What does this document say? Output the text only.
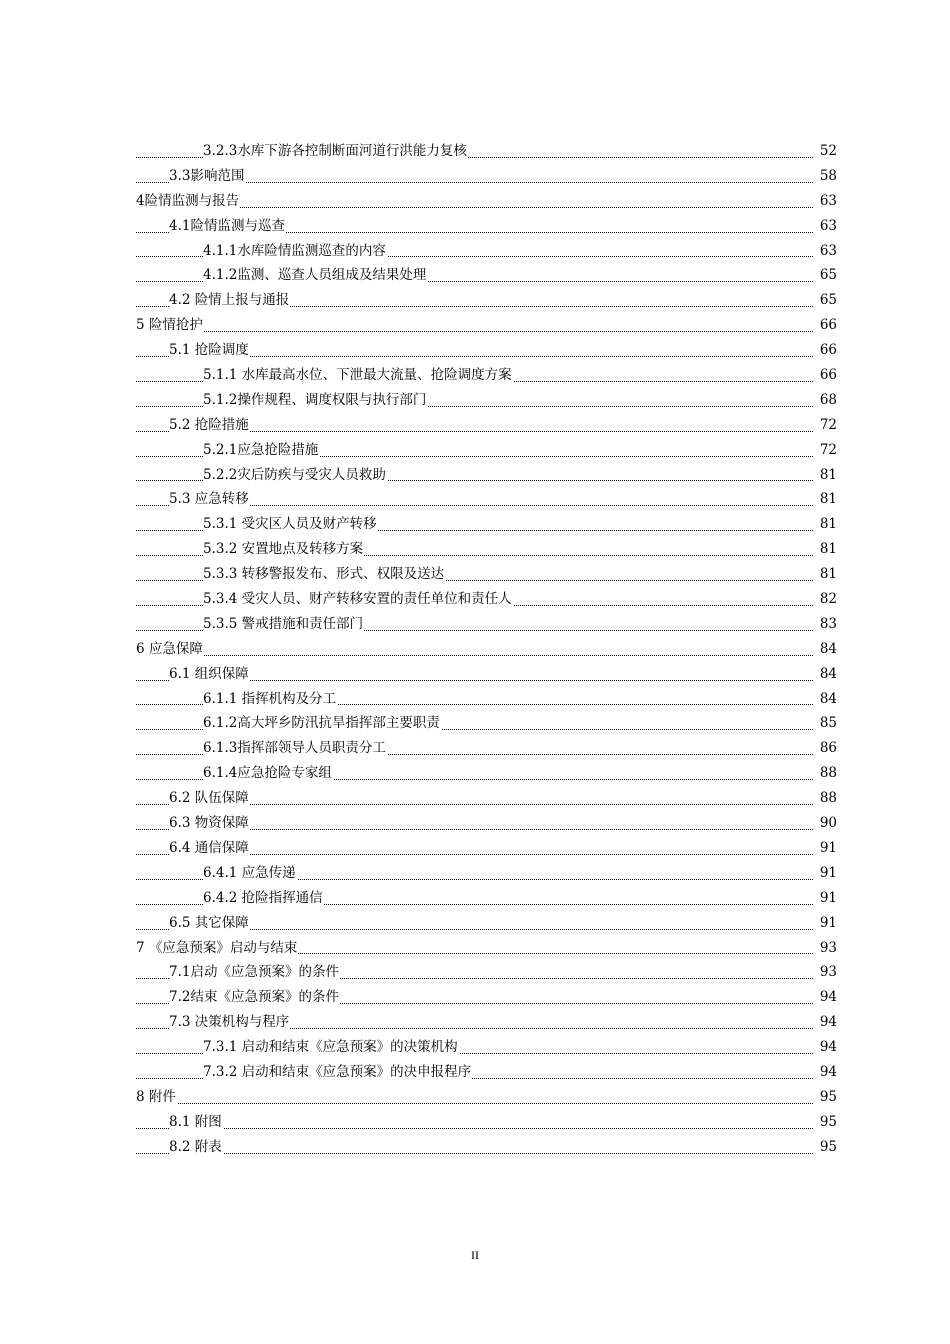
3.2.3水库下游各控制断面河道行洪能力复核	52
3.3影响范围	58
4险情监测与报告	63
4.1险情监测与巡查	63
4.1.1水库险情监测巡查的内容	63
4.1.2监测、巡查人员组成及结果处理	65
4.2 险情上报与通报	65
5 险情抢护	66
5.1 抢险调度	66
5.1.1 水库最高水位、下泄最大流量、抢险调度方案	66
5.1.2操作规程、调度权限与执行部门	68
5.2 抢险措施	72
5.2.1应急抢险措施	72
5.2.2灾后防疾与受灾人员救助	81
5.3 应急转移	81
5.3.1 受灾区人员及财产转移	81
5.3.2 安置地点及转移方案	81
5.3.3 转移警报发布、形式、权限及送达	81
5.3.4 受灾人员、财产转移安置的责任单位和责任人	82
5.3.5 警戒措施和责任部门	83
6 应急保障	84
6.1 组织保障	84
6.1.1 指挥机构及分工	84
6.1.2高大坪乡防汛抗旱指挥部主要职责	85
6.1.3指挥部领导人员职责分工	86
6.1.4应急抢险专家组	88
6.2 队伍保障	88
6.3 物资保障	90
6.4 通信保障	91
6.4.1 应急传递	91
6.4.2 抢险指挥通信	91
6.5 其它保障	91
7 《应急预案》启动与结束	93
7.1启动《应急预案》的条件	93
7.2结束《应急预案》的条件	94
7.3 决策机构与程序	94
7.3.1 启动和结束《应急预案》的决策机构	94
7.3.2 启动和结束《应急预案》的决申报程序	94
8 附件	95
8.1 附图	95
8.2 附表	95
II
